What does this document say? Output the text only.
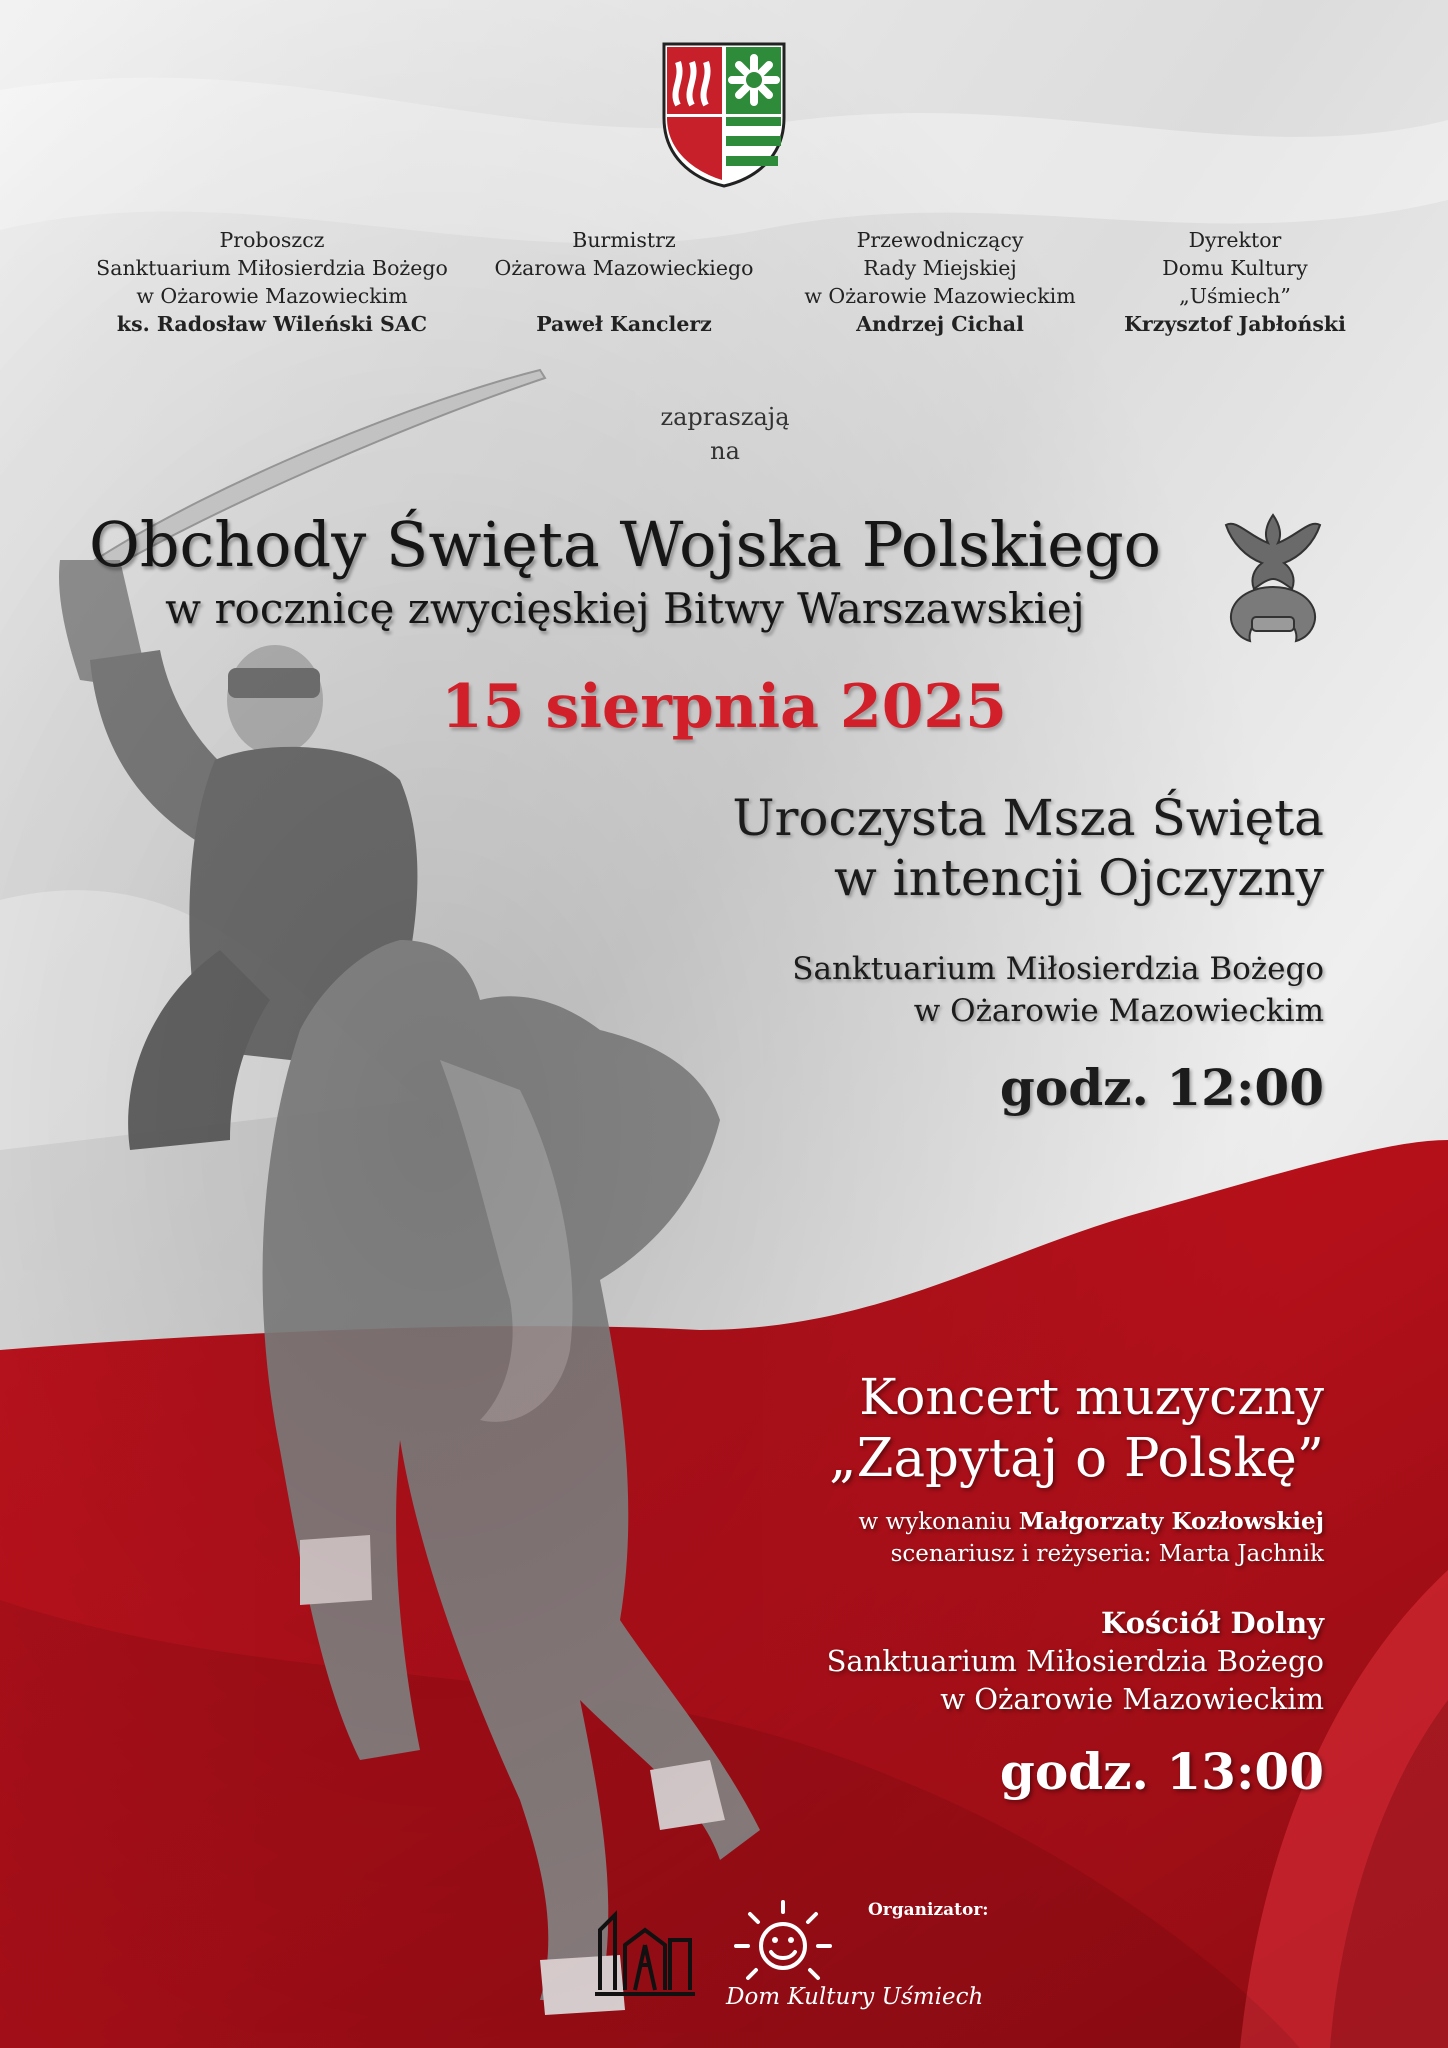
Proboszcz
Sanktuarium Miłosierdzia Bożego
w Ożarowie Mazowieckim
ks. Radosław Wileński SAC
Burmistrz
Ożarowa Mazowieckiego
Paweł Kanclerz
Przewodniczący
Rady Miejskiej
w Ożarowie Mazowieckim
Andrzej Cichal
Dyrektor
Domu Kultury
„Uśmiech”
Krzysztof Jabłoński
zapraszają
na
Obchody Święta Wojska Polskiego
w rocznicę zwycięskiej Bitwy Warszawskiej
15 sierpnia 2025
Uroczysta Msza Święta
w intencji Ojczyzny
Sanktuarium Miłosierdzia Bożego
w Ożarowie Mazowieckim
godz. 12:00
Koncert muzyczny
„Zapytaj o Polskę”
w wykonaniu Małgorzaty Kozłowskiej
scenariusz i reżyseria: Marta Jachnik
Kościół Dolny
Sanktuarium Miłosierdzia Bożego
w Ożarowie Mazowieckim
godz. 13:00
Organizator:
Dom Kultury Uśmiech
